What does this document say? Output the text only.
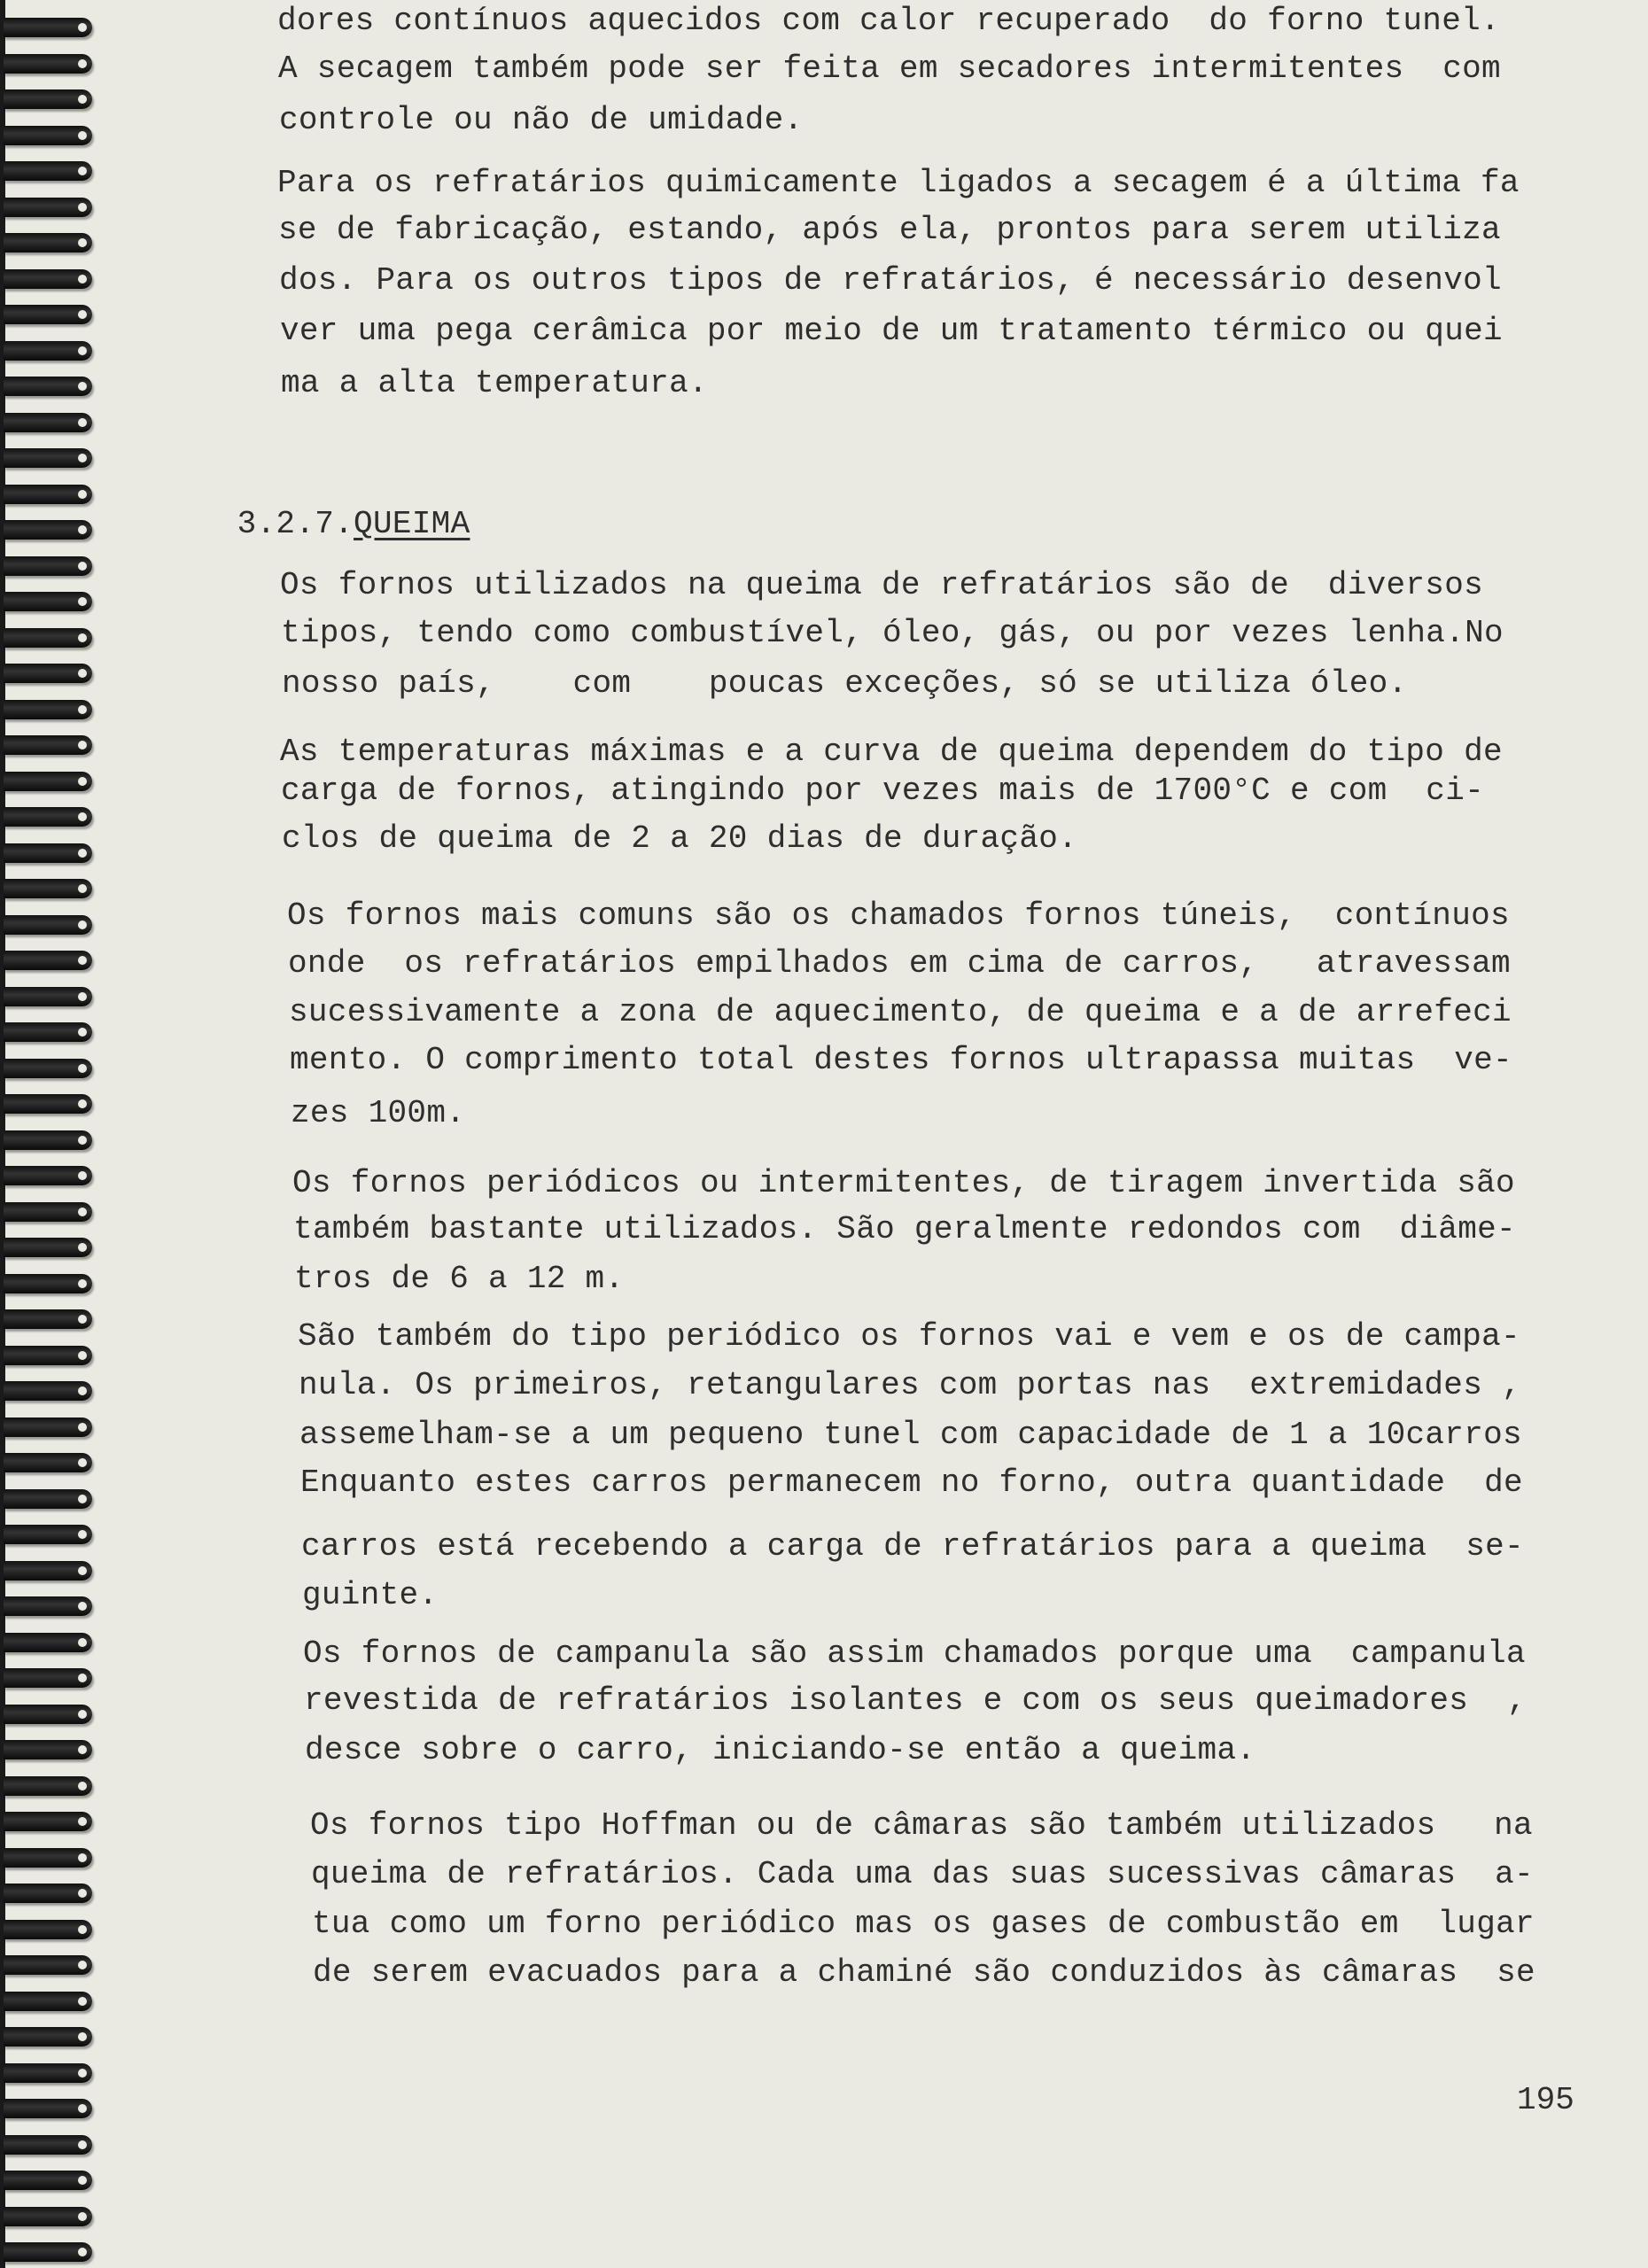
3.2.7.QUEIMA

195
dores contínuos aquecidos com calor recuperado  do forno tunel.
A secagem também pode ser feita em secadores intermitentes  com
controle ou não de umidade.
Para os refratários quimicamente ligados a secagem é a última fa
se de fabricação, estando, após ela, prontos para serem utiliza
dos. Para os outros tipos de refratários, é necessário desenvol
ver uma pega cerâmica por meio de um tratamento térmico ou quei
ma a alta temperatura.
Os fornos utilizados na queima de refratários são de  diversos
tipos, tendo como combustível, óleo, gás, ou por vezes lenha.No
nosso país,    com    poucas exceções, só se utiliza óleo.
As temperaturas máximas e a curva de queima dependem do tipo de
carga de fornos, atingindo por vezes mais de 1700°C e com  ci-
clos de queima de 2 a 20 dias de duração.
Os fornos mais comuns são os chamados fornos túneis,  contínuos
onde  os refratários empilhados em cima de carros,   atravessam
sucessivamente a zona de aquecimento, de queima e a de arrefeci
mento. O comprimento total destes fornos ultrapassa muitas  ve-
zes 100m.
Os fornos periódicos ou intermitentes, de tiragem invertida são
também bastante utilizados. São geralmente redondos com  diâme-
tros de 6 a 12 m.
São também do tipo periódico os fornos vai e vem e os de campa-
nula. Os primeiros, retangulares com portas nas  extremidades ,
assemelham-se a um pequeno tunel com capacidade de 1 a 10carros
Enquanto estes carros permanecem no forno, outra quantidade  de
carros está recebendo a carga de refratários para a queima  se-
guinte.
Os fornos de campanula são assim chamados porque uma  campanula
revestida de refratários isolantes e com os seus queimadores  ,
desce sobre o carro, iniciando-se então a queima.
Os fornos tipo Hoffman ou de câmaras são também utilizados   na
queima de refratários. Cada uma das suas sucessivas câmaras  a-
tua como um forno periódico mas os gases de combustão em  lugar
de serem evacuados para a chaminé são conduzidos às câmaras  se
